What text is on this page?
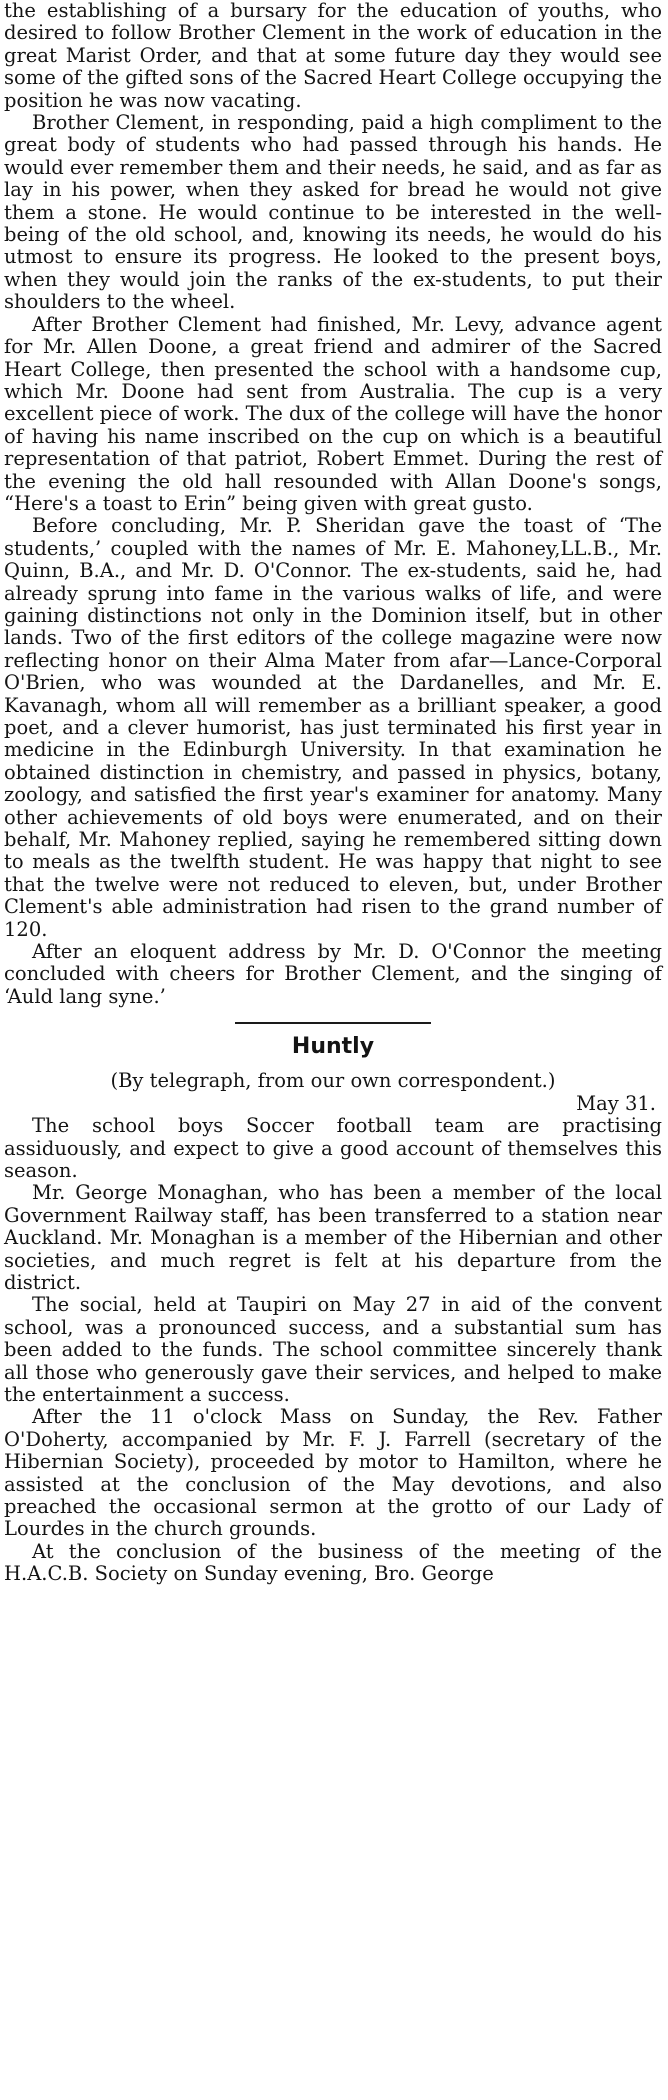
the establishing of a bursary for the education of youths, who desired to follow Brother Clement in the work of education in the great Marist Order, and that at some future day they would see some of the gifted sons of the Sacred Heart College occupying the position he was now vacating.

Brother Clement, in responding, paid a high compliment to the great body of students who had passed through his hands. He would ever remember them and their needs, he said, and as far as lay in his power, when they asked for bread he would not give them a stone. He would continue to be interested in the well-being of the old school, and, knowing its needs, he would do his utmost to ensure its progress. He looked to the present boys, when they would join the ranks of the ex-students, to put their shoulders to the wheel.

After Brother Clement had finished, Mr. Levy, advance agent for Mr. Allen Doone, a great friend and admirer of the Sacred Heart College, then presented the school with a handsome cup, which Mr. Doone had sent from Australia. The cup is a very excellent piece of work. The dux of the college will have the honor of having his name inscribed on the cup on which is a beautiful representation of that patriot, Robert Emmet. During the rest of the evening the old hall resounded with Allan Doone's songs, “Here's a toast to Erin” being given with great gusto.

Before concluding, Mr. P. Sheridan gave the toast of ‘The students,’ coupled with the names of Mr. E. Mahoney,LL.B., Mr. Quinn, B.A., and Mr. D. O'Connor. The ex-students, said he, had already sprung into fame in the various walks of life, and were gaining distinctions not only in the Dominion itself, but in other lands. Two of the first editors of the college magazine were now reflecting honor on their Alma Mater from afar—Lance-Corporal O'Brien, who was wounded at the Dardanelles, and Mr. E. Kavanagh, whom all will remember as a brilliant speaker, a good poet, and a clever humorist, has just terminated his first year in medicine in the Edinburgh University. In that examination he obtained distinction in chemistry, and passed in physics, botany, zoology, and satisfied the first year's examiner for anatomy. Many other achievements of old boys were enumerated, and on their behalf, Mr. Mahoney replied, saying he remembered sitting down to meals as the twelfth student. He was happy that night to see that the twelve were not reduced to eleven, but, under Brother Clement's able administration had risen to the grand number of 120.

After an eloquent address by Mr. D. O'Connor the meeting concluded with cheers for Brother Clement, and the singing of ‘Auld lang syne.’

Huntly

(By telegraph, from our own correspondent.)

May 31.

The school boys Soccer football team are practising assiduously, and expect to give a good account of themselves this season.

Mr. George Monaghan, who has been a member of the local Government Railway staff, has been transferred to a station near Auckland. Mr. Monaghan is a member of the Hibernian and other societies, and much regret is felt at his departure from the district.

The social, held at Taupiri on May 27 in aid of the convent school, was a pronounced success, and a substantial sum has been added to the funds. The school committee sincerely thank all those who generously gave their services, and helped to make the entertainment a success.

After the 11 o'clock Mass on Sunday, the Rev. Father O'Doherty, accompanied by Mr. F. J. Farrell (secretary of the Hibernian Society), proceeded by motor to Hamilton, where he assisted at the conclusion of the May devotions, and also preached the occasional sermon at the grotto of our Lady of Lourdes in the church grounds.

At the conclusion of the business of the meeting of the H.A.C.B. Society on Sunday evening, Bro. George
